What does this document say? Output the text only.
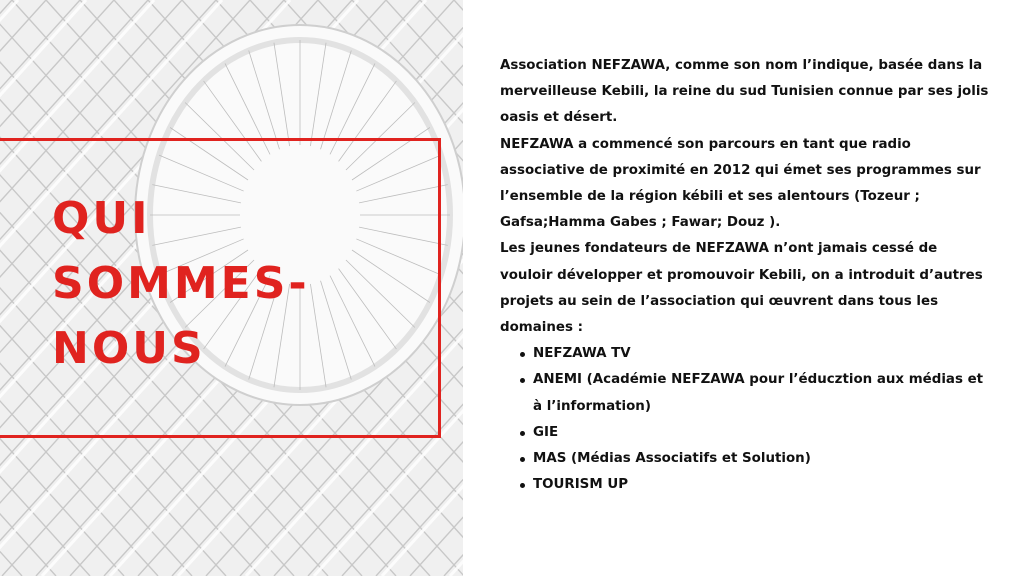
QUI
SOMMES-
NOUS

Association NEFZAWA, comme son nom l’indique, basée dans la merveilleuse Kebili, la reine du sud Tunisien connue par ses jolis oasis et désert.

NEFZAWA a commencé son parcours en tant que radio associative de proximité en 2012 qui émet ses programmes sur l’ensemble de la région kébili et ses alentours (Tozeur ; Gafsa;Hamma Gabes ; Fawar; Douz ).

Les jeunes fondateurs de NEFZAWA n’ont jamais cessé de vouloir développer et promouvoir Kebili, on a introduit d’autres projets au sein de l’association qui œuvrent dans tous les domaines :

NEFZAWA TV
ANEMI (Académie NEFZAWA pour l’éducztion aux médias et à l’information)
GIE
MAS (Médias Associatifs et Solution)
TOURISM UP
